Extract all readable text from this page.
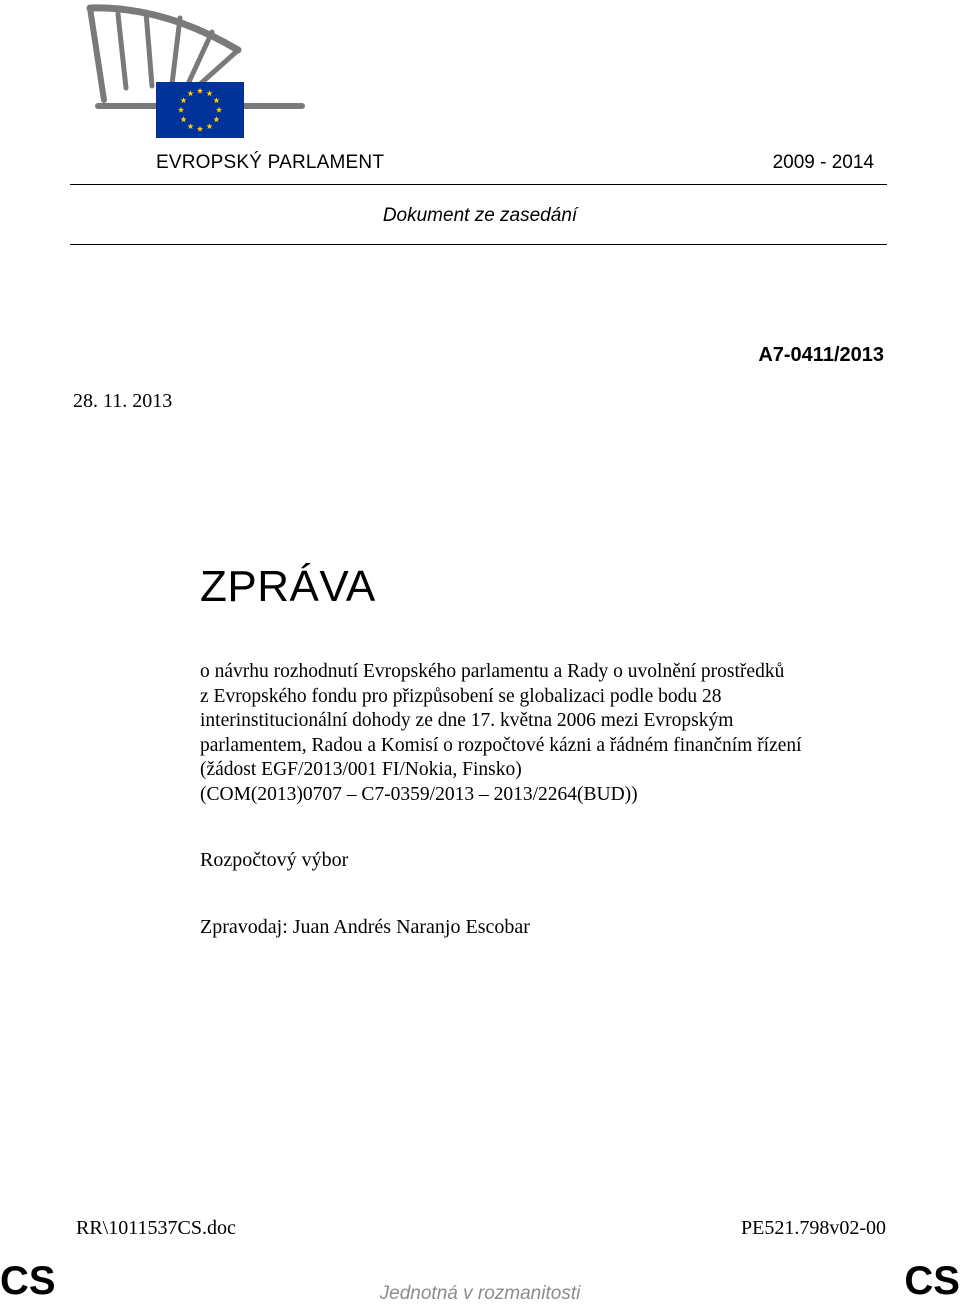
EVROPSKÝ PARLAMENT	2009 - 2014
Dokument ze zasedání
A7-0411/2013
28. 11. 2013
ZPRÁVA
o návrhu rozhodnutí Evropského parlamentu a Rady o uvolnění prostředků
z Evropského fondu pro přizpůsobení se globalizaci podle bodu 28
interinstitucionální dohody ze dne 17. května 2006 mezi Evropským
parlamentem, Radou a Komisí o rozpočtové kázni a řádném finančním řízení
(žádost EGF/2013/001 FI/Nokia, Finsko)
(COM(2013)0707 – C7-0359/2013 – 2013/2264(BUD))
Rozpočtový výbor
Zpravodaj: Juan Andrés Naranjo Escobar
RR\1011537CS.doc	PE521.798v02-00
CS	Jednotná v rozmanitosti	CS
